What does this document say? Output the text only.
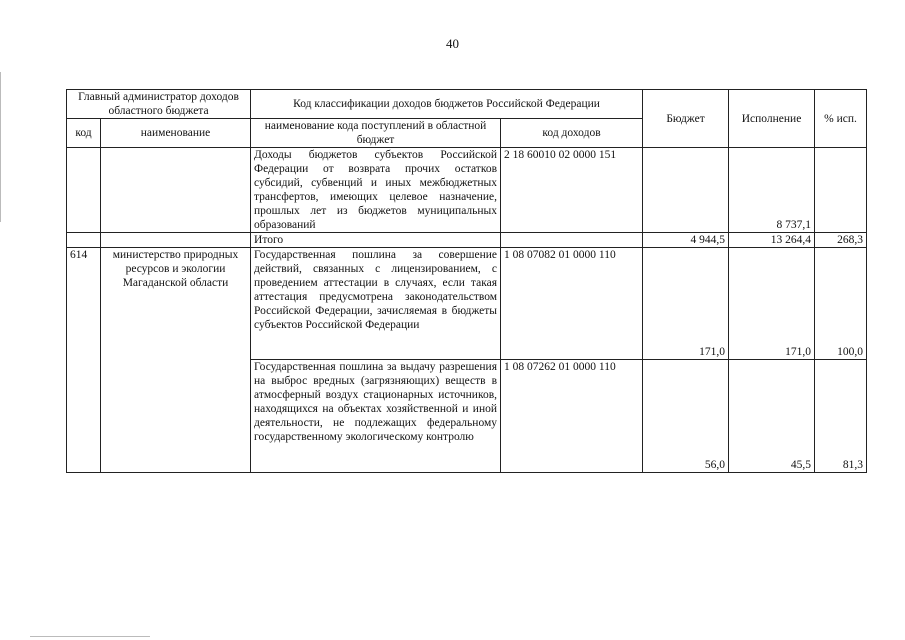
40
Главный администратор доходов областного бюджета		Код классификации доходов бюджетов Российской Федерации		Бюджет	Исполнение	% исп.
код	наименование	наименование кода поступлений в областной бюджет	код доходов			
		Доходы бюджетов субъектов Российской Федерации от возврата прочих остатков субсидий, субвенций и иных межбюджетных трансфертов, имеющих целевое назначение, прошлых лет из бюджетов муниципальных образований	2 18 60010 02 0000 151		8 737,1	
		Итого		4 944,5	13 264,4	268,3
614	министерство природных ресурсов и экологии Магаданской области	Государственная пошлина за совершение действий, связанных с лицензированием, с проведением аттестации в случаях, если такая аттестация предусмотрена законодательством Российской Федерации, зачисляемая в бюджеты субъектов Российской Федерации	1 08 07082 01 0000 110	171,0	171,0	100,0
		Государственная пошлина за выдачу разрешения на выброс вредных (загрязняющих) веществ в атмосферный воздух стационарных источников, находящихся на объектах хозяйственной и иной деятельности, не подлежащих федеральному государственному экологическому контролю	1 08 07262 01 0000 110	56,0	45,5	81,3
